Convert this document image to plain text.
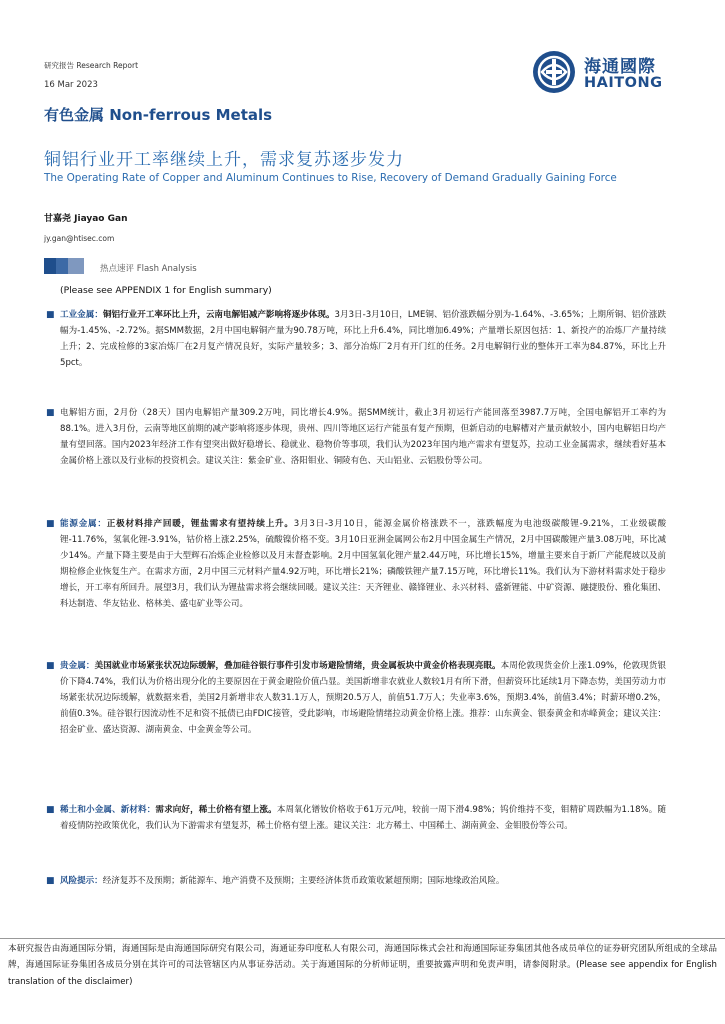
研究报告 Research Report
16 Mar 2023
有色金属 Non-ferrous Metals
铜铝行业开工率继续上升，需求复苏逐步发力
The Operating Rate of Copper and Aluminum Continues to Rise, Recovery of Demand Gradually Gaining Force
甘嘉尧 Jiayao Gan
jy.gan@htisec.com
热点速评 Flash Analysis
(Please see APPENDIX 1 for English summary)
海通國際
HAITONG
■ 工业金属：铜铝行业开工率环比上升，云南电解铝减产影响将逐步体现。3月3日-3月10日，LME铜、铝价涨跌幅分别为-1.64%、-3.65%；上期所铜、铝价涨跌幅为-1.45%、-2.72%。据SMM数据，2月中国电解铜产量为90.78万吨，环比上升6.4%，同比增加6.49%；产量增长原因包括：1、新投产的冶炼厂产量持续上升；2、完成检修的3家冶炼厂在2月复产情况良好，实际产量较多；3、部分冶炼厂2月有开门红的任务。2月电解铜行业的整体开工率为84.87%，环比上升5pct。
■ 电解铝方面，2月份（28天）国内电解铝产量309.2万吨，同比增长4.9%。据SMM统计，截止3月初运行产能回落至3987.7万吨，全国电解铝开工率约为88.1%。进入3月份，云南等地区前期的减产影响将逐步体现，贵州、四川等地区运行产能虽有复产预期，但新启动的电解槽对产量贡献较小，国内电解铝日均产量有望回落。国内2023年经济工作有望突出做好稳增长、稳就业、稳物价等事项，我们认为2023年国内地产需求有望复苏，拉动工业金属需求，继续看好基本金属价格上涨以及行业标的投资机会。建议关注：紫金矿业、洛阳钼业、铜陵有色、天山铝业、云铝股份等公司。
■ 能源金属：正极材料排产回暖，锂盐需求有望持续上升。3月3日-3月10日，能源金属价格涨跌不一，涨跌幅度为电池级碳酸锂-9.21%，工业级碳酸锂-11.76%，氢氧化锂-3.91%，钴价格上涨2.25%，硫酸镍价格不变。3月10日亚洲金属网公布2月中国金属生产情况，2月中国碳酸锂产量3.08万吨，环比减少14%。产量下降主要是由于大型辉石冶炼企业检修以及月末督查影响。2月中国氢氧化锂产量2.44万吨，环比增长15%，增量主要来自于新厂产能爬坡以及前期检修企业恢复生产。在需求方面，2月中国三元材料产量4.92万吨，环比增长21%；磷酸铁锂产量7.15万吨，环比增长11%。我们认为下游材料需求处于稳步增长，开工率有所回升。展望3月，我们认为锂盐需求将会继续回暖。建议关注：天齐锂业、赣锋锂业、永兴材料、盛新锂能、中矿资源、融捷股份、雅化集团、科达制造、华友钴业、格林美、盛屯矿业等公司。
■ 贵金属：美国就业市场紧张状况边际缓解，叠加硅谷银行事件引发市场避险情绪，贵金属板块中黄金价格表现亮眼。本周伦敦现货金价上涨1.09%，伦敦现货银价下降4.74%，我们认为价格出现分化的主要原因在于黄金避险价值凸显。美国新增非农就业人数较1月有所下滑，但薪资环比延续1月下降态势，美国劳动力市场紧张状况边际缓解，就数据来看，美国2月新增非农人数31.1万人，预期20.5万人，前值51.7万人；失业率3.6%，预期3.4%，前值3.4%；时薪环增0.2%，前值0.3%。硅谷银行因流动性不足和资不抵债已由FDIC接管，受此影响，市场避险情绪拉动黄金价格上涨。推荐：山东黄金、银泰黄金和赤峰黄金；建议关注：招金矿业、盛达资源、湖南黄金、中金黄金等公司。
■ 稀土和小金属、新材料：需求向好，稀土价格有望上涨。本周氧化镨钕价格收于61万元/吨，较前一周下滑4.98%；钨价维持不变，钼精矿周跌幅为1.18%。随着疫情防控政策优化，我们认为下游需求有望复苏，稀土价格有望上涨。建议关注：北方稀土、中国稀土、湖南黄金、金钼股份等公司。
■ 风险提示：经济复苏不及预期；新能源车、地产消费不及预期；主要经济体货币政策收紧超预期；国际地缘政治风险。
本研究报告由海通国际分销，海通国际是由海通国际研究有限公司，海通证券印度私人有限公司，海通国际株式会社和海通国际证券集团其他各成员单位的证券研究团队所组成的全球品牌，海通国际证券集团各成员分别在其许可的司法管辖区内从事证券活动。关于海通国际的分析师证明，重要披露声明和免责声明，请参阅附录。(Please see appendix for English translation of the disclaimer)
